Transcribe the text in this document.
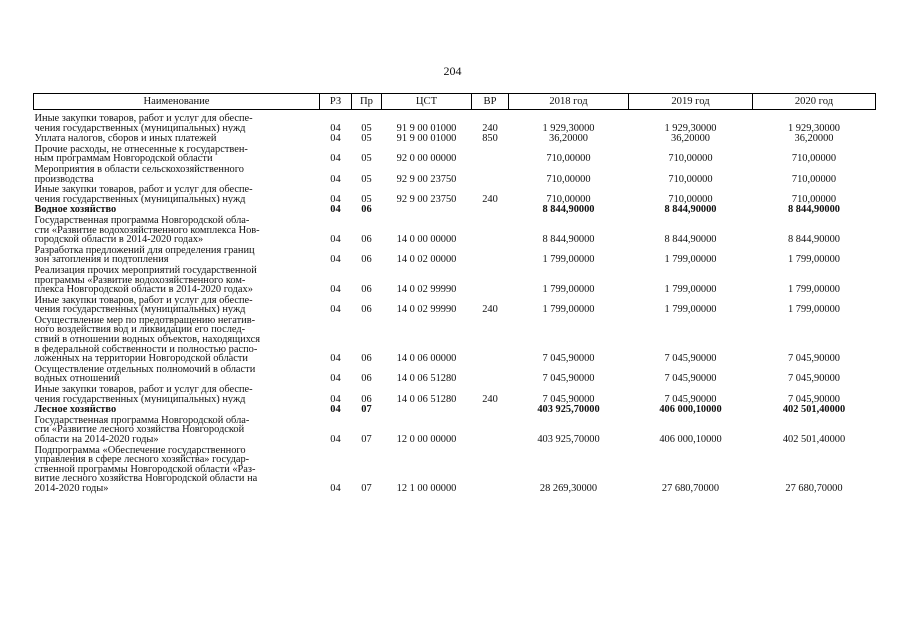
204
Наименование	РЗ	Пр	ЦСТ	ВР	2018 год	2019 год	2020 год
Иные закупки товаров, работ и услуг для обеспе-
чения государственных (муниципальных) нужд	04	05	91 9 00 01000	240	1 929,30000	1 929,30000	1 929,30000
Уплата налогов, сборов и иных платежей	04	05	91 9 00 01000	850	36,20000	36,20000	36,20000
Прочие расходы, не отнесенные к государствен-
ным программам Новгородской области	04	05	92 0 00 00000		710,00000	710,00000	710,00000
Мероприятия в области сельскохозяйственного
производства	04	05	92 9 00 23750		710,00000	710,00000	710,00000
Иные закупки товаров, работ и услуг для обеспе-
чения государственных (муниципальных) нужд	04	05	92 9 00 23750	240	710,00000	710,00000	710,00000
Водное хозяйство	04	06			8 844,90000	8 844,90000	8 844,90000
Государственная программа Новгородской обла-
сти «Развитие водохозяйственного комплекса Нов-
городской области в 2014-2020 годах»	04	06	14 0 00 00000		8 844,90000	8 844,90000	8 844,90000
Разработка предложений для определения границ
зон затопления и подтопления	04	06	14 0 02 00000		1 799,00000	1 799,00000	1 799,00000
Реализация прочих мероприятий государственной
программы «Развитие водохозяйственного ком-
плекса Новгородской области в 2014-2020 годах»	04	06	14 0 02 99990		1 799,00000	1 799,00000	1 799,00000
Иные закупки товаров, работ и услуг для обеспе-
чения государственных (муниципальных) нужд	04	06	14 0 02 99990	240	1 799,00000	1 799,00000	1 799,00000
Осуществление мер по предотвращению негатив-
ного воздействия вод и ликвидации его послед-
ствий в отношении водных объектов, находящихся
в федеральной собственности и полностью распо-
ложенных на территории Новгородской области	04	06	14 0 06 00000		7 045,90000	7 045,90000	7 045,90000
Осуществление отдельных полномочий в области
водных отношений	04	06	14 0 06 51280		7 045,90000	7 045,90000	7 045,90000
Иные закупки товаров, работ и услуг для обеспе-
чения государственных (муниципальных) нужд	04	06	14 0 06 51280	240	7 045,90000	7 045,90000	7 045,90000
Лесное хозяйство	04	07			403 925,70000	406 000,10000	402 501,40000
Государственная программа Новгородской обла-
сти «Развитие лесного хозяйства Новгородской
области на 2014-2020 годы»	04	07	12 0 00 00000		403 925,70000	406 000,10000	402 501,40000
Подпрограмма «Обеспечение государственного
управления в сфере лесного хозяйства» государ-
ственной программы Новгородской области «Раз-
витие лесного хозяйства Новгородской области на
2014-2020 годы»	04	07	12 1 00 00000		28 269,30000	27 680,70000	27 680,70000
